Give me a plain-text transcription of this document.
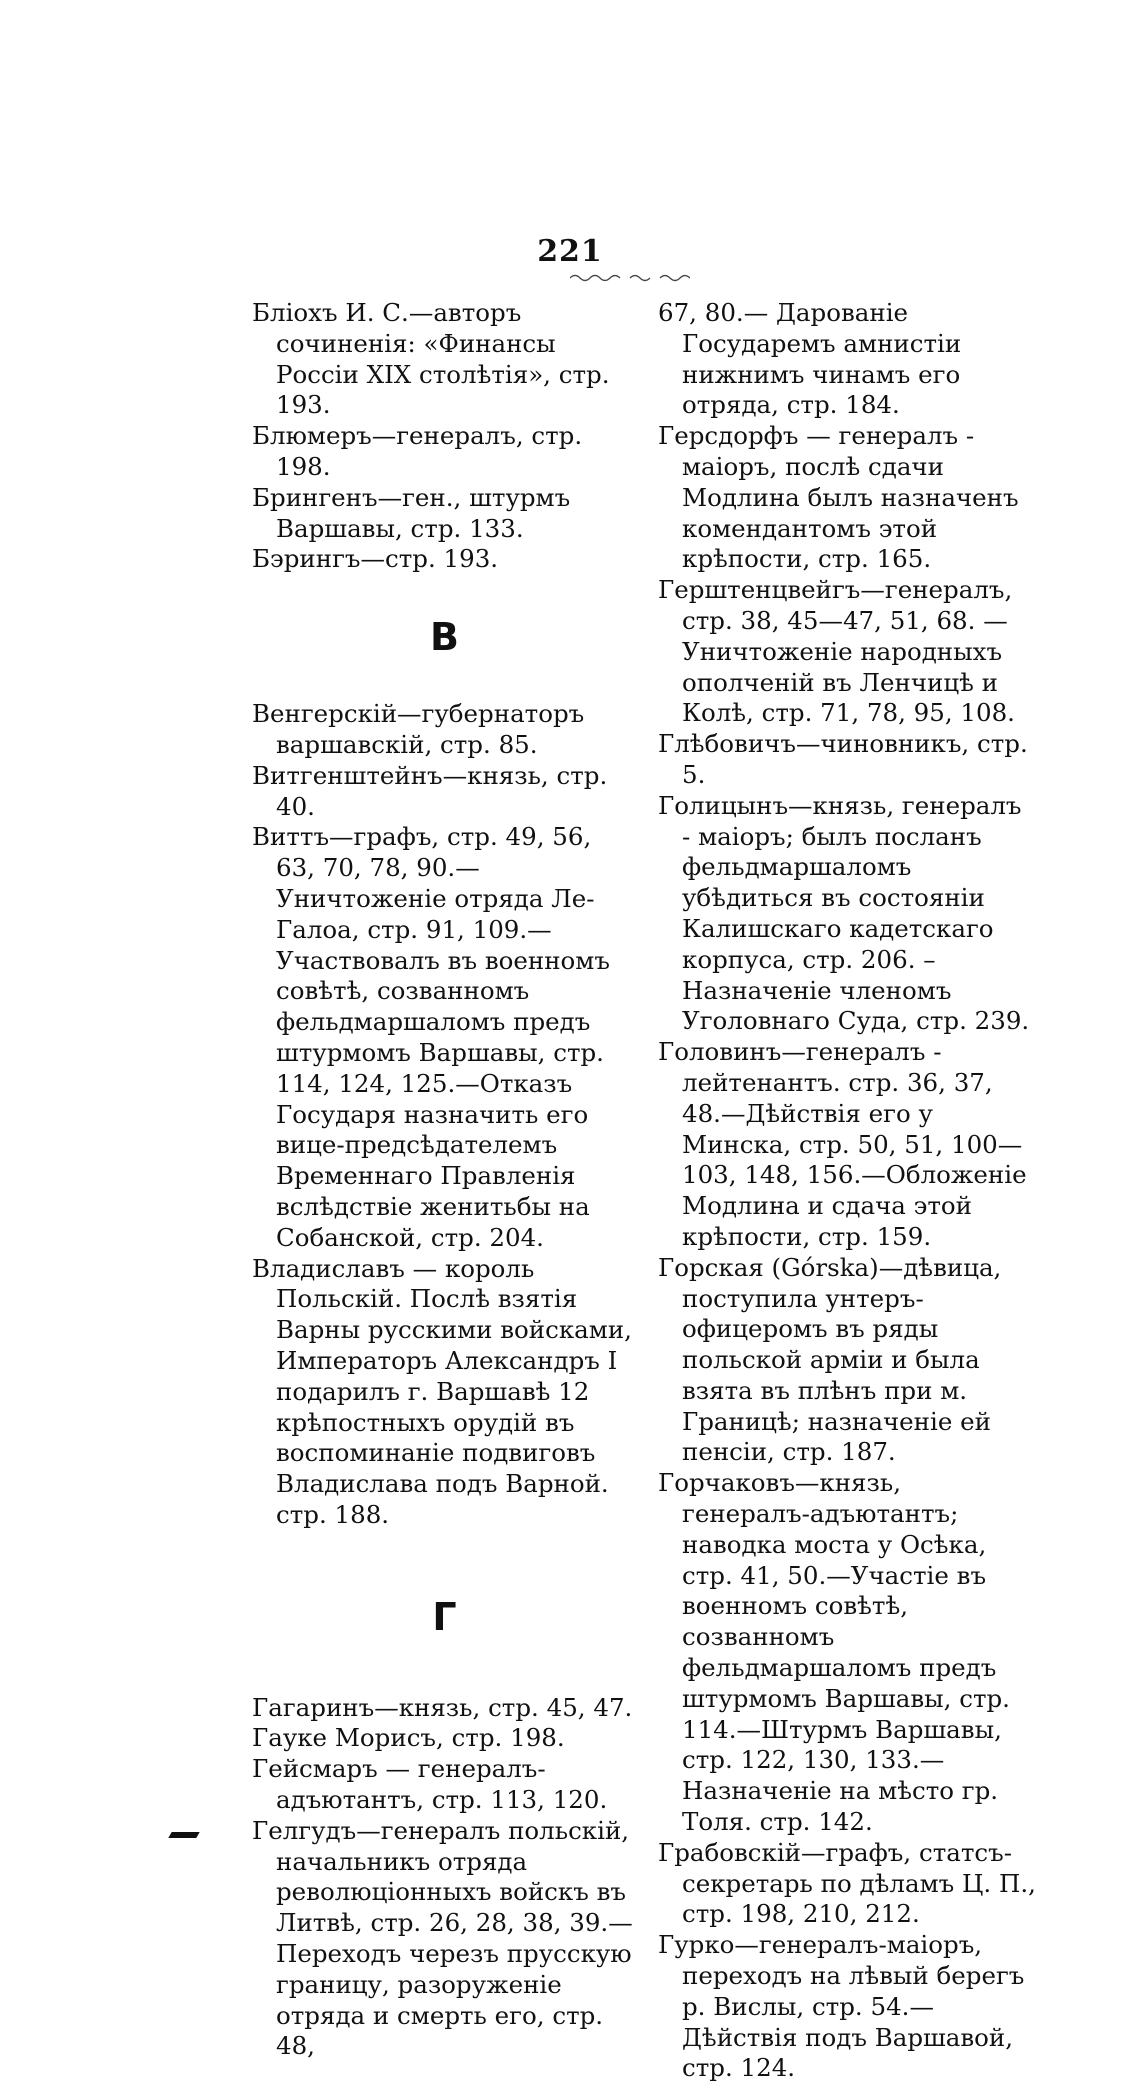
221

Бліохъ И. С.—авторъ сочиненія: «Финансы Россіи XIX столѣтія», стр. 193.

Блюмеръ—генералъ, стр. 198.

Брингенъ—ген., штурмъ Варшавы, стр. 133.

Бэрингъ—стр. 193.

В

Венгерскій—губернаторъ варшавскій, стр. 85.

Витгенштейнъ—князь, стр. 40.

Виттъ—графъ, стр. 49, 56, 63, 70, 78, 90.—Уничтоженіе отряда Ле-Галоа, стр. 91, 109.—Участвовалъ въ военномъ совѣтѣ, созванномъ фельдмаршаломъ предъ штурмомъ Варшавы, стр. 114, 124, 125.—Отказъ Государя назначить его вице-предсѣдателемъ Временнаго Правленія вслѣдствіе женитьбы на Собанской, стр. 204.

Владиславъ — король Польскій. Послѣ взятія Варны русскими войсками, Императоръ Александръ I подарилъ г. Варшавѣ 12 крѣпостныхъ орудій въ воспоминаніе подвиговъ Владислава подъ Варной. стр. 188.

Г

Гагаринъ—князь, стр. 45, 47.

Гауке Морисъ, стр. 198.

Гейсмаръ — генералъ-адъютантъ, стр. 113, 120.

Гелгудъ—генералъ польскій, начальникъ отряда революціонныхъ войскъ въ Литвѣ, стр. 26, 28, 38, 39.— Переходъ черезъ прусскую границу, разоруженіе отряда и смерть его, стр. 48,

67, 80.— Дарованіе Государемъ амнистіи нижнимъ чинамъ его отряда, стр. 184.

Герсдорфъ — генералъ - маіоръ, послѣ сдачи Модлина былъ назначенъ комендантомъ этой крѣпости, стр. 165.

Герштенцвейгъ—генералъ, стр. 38, 45—47, 51, 68. — Уничтоженіе народныхъ ополченій въ Ленчицѣ и Колѣ, стр. 71, 78, 95, 108.

Глѣбовичъ—чиновникъ, стр. 5.

Голицынъ—князь, генералъ - маіоръ; былъ посланъ фельдмаршаломъ убѣдиться въ состояніи Калишскаго кадетскаго корпуса, стр. 206. – Назначеніе членомъ Уголовнаго Суда, стр. 239.

Головинъ—генералъ - лейтенантъ. стр. 36, 37, 48.—Дѣйствія его у Минска, стр. 50, 51, 100—103, 148, 156.—Обложеніе Модлина и сдача этой крѣпости, стр. 159.

Горская (Górska)—дѣвица, поступила унтеръ-офицеромъ въ ряды польской арміи и была взята въ плѣнъ при м. Границѣ; назначеніе ей пенсіи, стр. 187.

Горчаковъ—князь, генералъ-адъютантъ; наводка моста у Осѣка, стр. 41, 50.—Участіе въ военномъ совѣтѣ, созванномъ фельдмаршаломъ предъ штурмомъ Варшавы, стр. 114.—Штурмъ Варшавы, стр. 122, 130, 133.— Назначеніе на мѣсто гр. Толя. стр. 142.

Грабовскій—графъ, статсъ-секретарь по дѣламъ Ц. П., стр. 198, 210, 212.

Гурко—генералъ-маіоръ, переходъ на лѣвый берегъ р. Вислы, стр. 54.—Дѣйствія подъ Варшавой, стр. 124.
